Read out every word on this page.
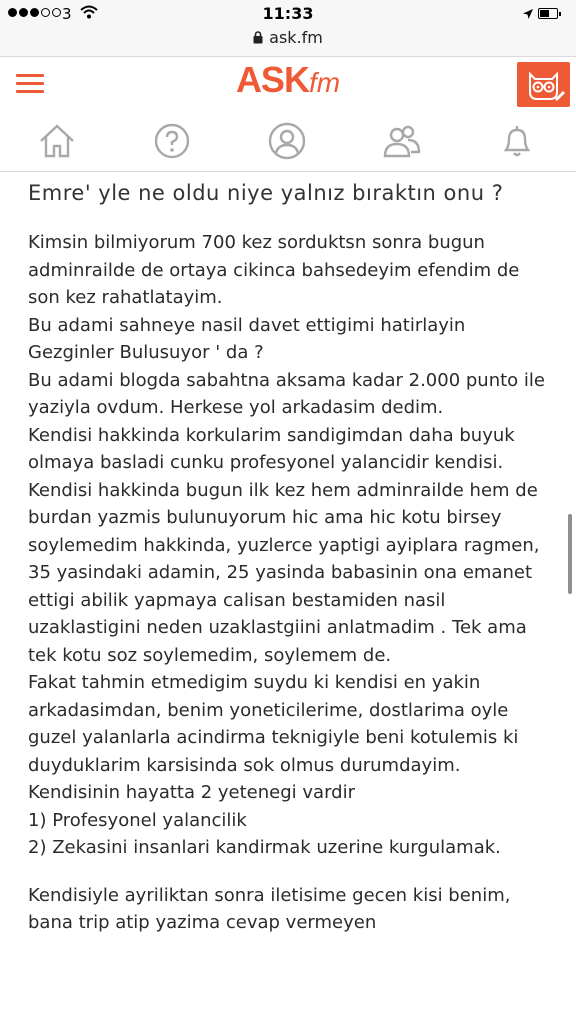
3	11:33
ask.fm
ASKfm
Emre' yle ne oldu niye yalnız bıraktın onu ?
Kimsin bilmiyorum 700 kez sorduktsn sonra bugun adminrailde de ortaya cikinca bahsedeyim efendim de son kez rahatlatayim.
Bu adami sahneye nasil davet ettigimi hatirlayin Gezginler Bulusuyor ' da ?
Bu adami blogda sabahtna aksama kadar 2.000 punto ile yaziyla ovdum. Herkese yol arkadasim dedim.
Kendisi hakkinda korkularim sandigimdan daha buyuk olmaya basladi cunku profesyonel yalancidir kendisi. Kendisi hakkinda bugun ilk kez hem adminrailde hem de burdan yazmis bulunuyorum hic ama hic kotu birsey soylemedim hakkinda, yuzlerce yaptigi ayiplara ragmen, 35 yasindaki adamin, 25 yasinda babasinin ona emanet ettigi abilik yapmaya calisan bestamiden nasil uzaklastigini neden uzaklastgiini anlatmadim . Tek ama tek kotu soz soylemedim, soylemem de.
Fakat tahmin etmedigim suydu ki kendisi en yakin arkadasimdan, benim yoneticilerime, dostlarima oyle guzel yalanlarla acindirma teknigiyle beni kotulemis ki duyduklarim karsisinda sok olmus durumdayim.
Kendisinin hayatta 2 yetenegi vardir
1) Profesyonel yalancilik
2) Zekasini insanlari kandirmak uzerine kurgulamak.
Kendisiyle ayriliktan sonra iletisime gecen kisi benim, bana trip atip yazima cevap vermeyen
